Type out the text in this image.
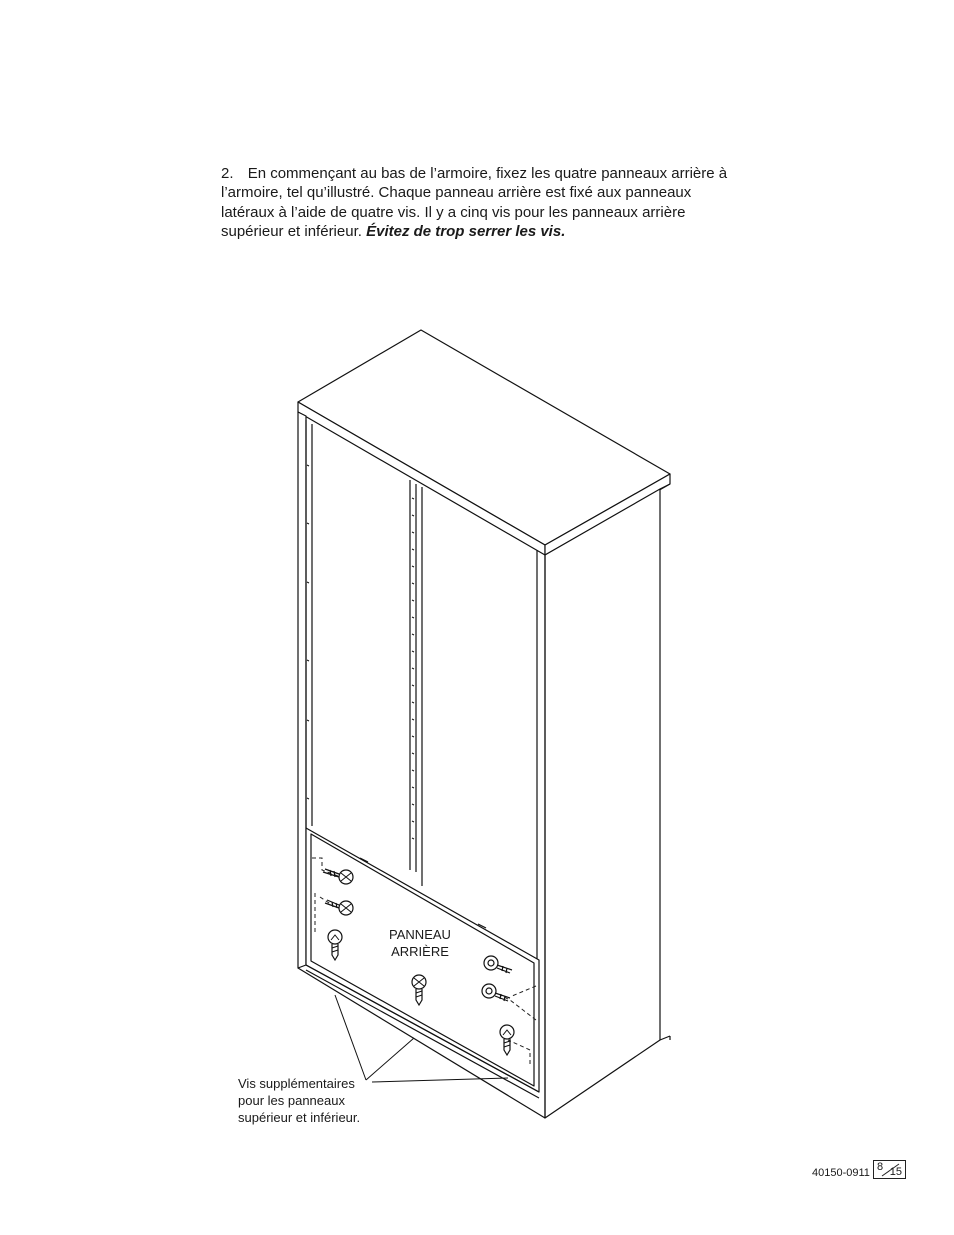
2. En commençant au bas de l’armoire, fixez les quatre panneaux arrière à l’armoire, tel qu’illustré. Chaque panneau arrière est fixé aux panneaux latéraux à l’aide de quatre vis. Il y a cinq vis pour les panneaux arrière supérieur et inférieur. Évitez de trop serrer les vis.
PANNEAU
ARRIÈRE
Vis supplémentaires
pour les panneaux
supérieur et inférieur.
40150-0911 8 15
